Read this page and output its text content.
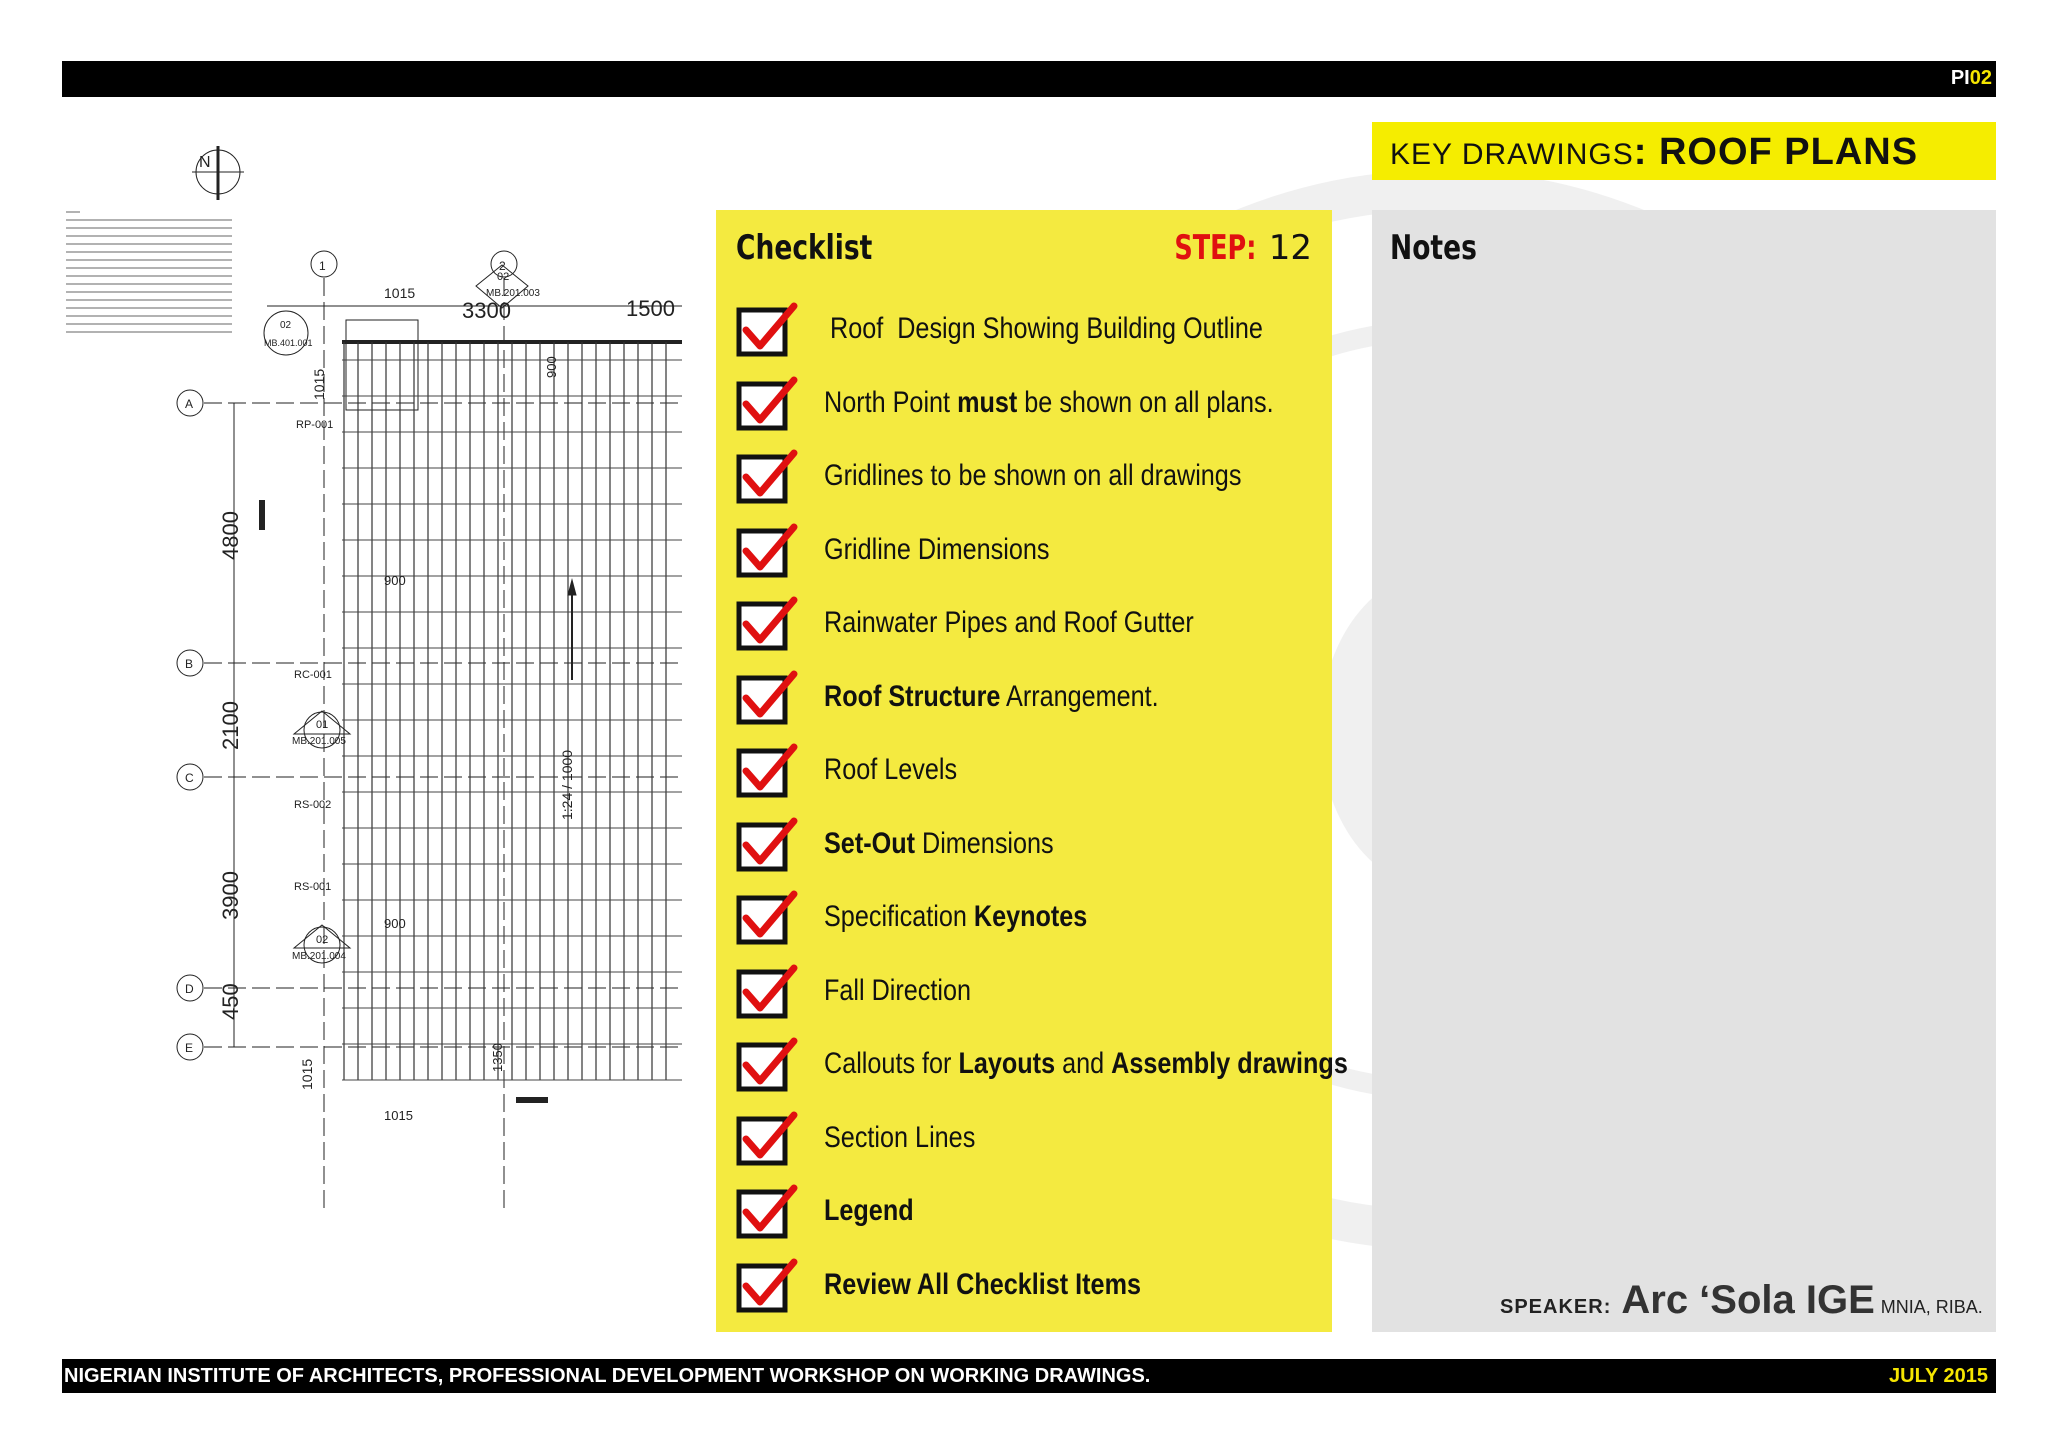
PI02
N
1	2
A
B
C
D
E
1015
3300	1500
4800
2100
3900
450
1015
1015
900
900
900
1350
1015
1:24 / 1000
RP-001
RC-001
RS-002
RS-001
02
MB.201.003
01
MB.201.005
02
MB.201.004
02
MB.401.001
KEY DRAWINGS: ROOF PLANS
Checklist	STEP: 12
Roof  Design Showing Building Outline
North Point must be shown on all plans.
Gridlines to be shown on all drawings
Gridline Dimensions
Rainwater Pipes and Roof Gutter
Roof Structure Arrangement.
Roof Levels
Set-Out Dimensions
Specification Keynotes
Fall Direction
Callouts for Layouts and Assembly drawings
Section Lines
Legend
Review All Checklist Items
Notes
SPEAKER: Arc ‘Sola IGE MNIA, RIBA.
NIGERIAN INSTITUTE OF ARCHITECTS, PROFESSIONAL DEVELOPMENT WORKSHOP ON WORKING DRAWINGS.	JULY 2015
